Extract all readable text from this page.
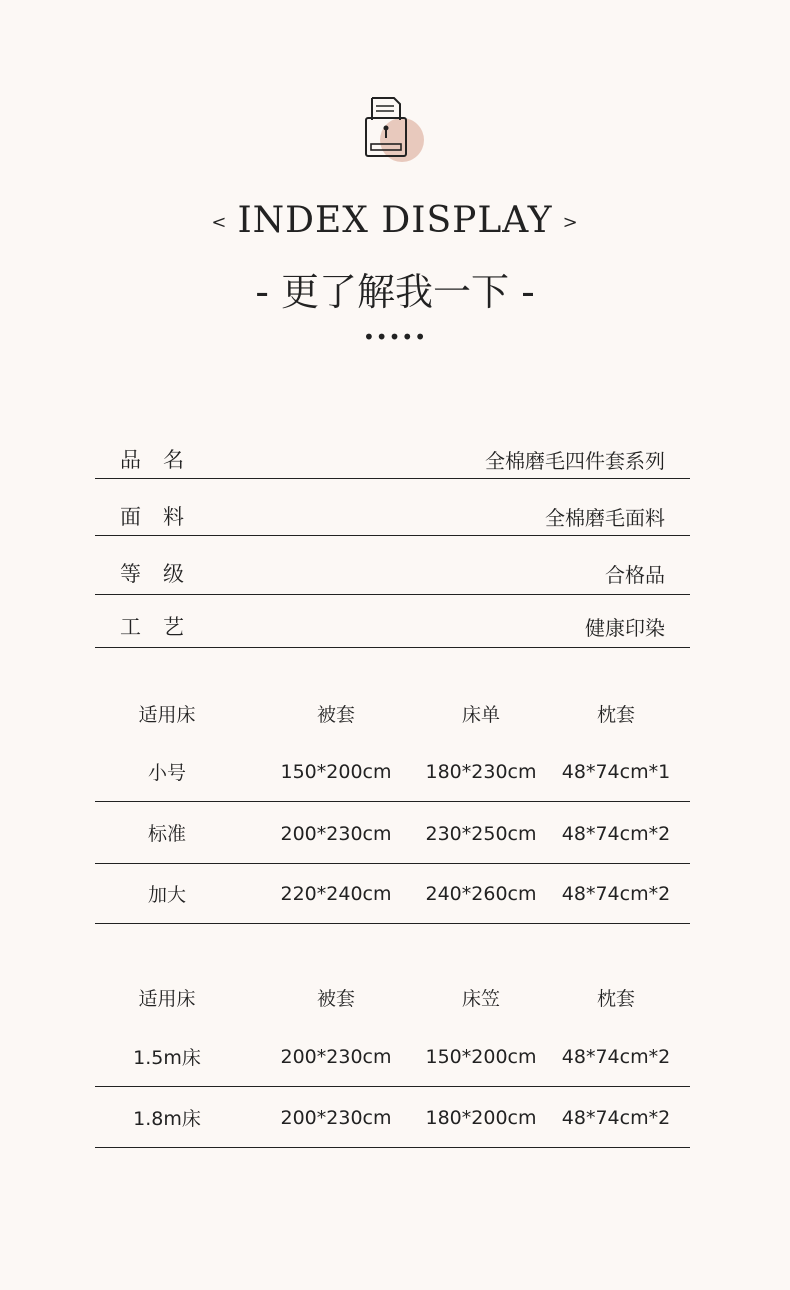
< INDEX DISPLAY >
- 更了解我一下 -
•••••
品名	全棉磨毛四件套系列
面料	全棉磨毛面料
等级	合格品
工艺	健康印染
适用床	被套	床单	枕套
小号	150*200cm	180*230cm	48*74cm*1
标准	200*230cm	230*250cm	48*74cm*2
加大	220*240cm	240*260cm	48*74cm*2
适用床	被套	床笠	枕套
1.5m床	200*230cm	150*200cm	48*74cm*2
1.8m床	200*230cm	180*200cm	48*74cm*2
